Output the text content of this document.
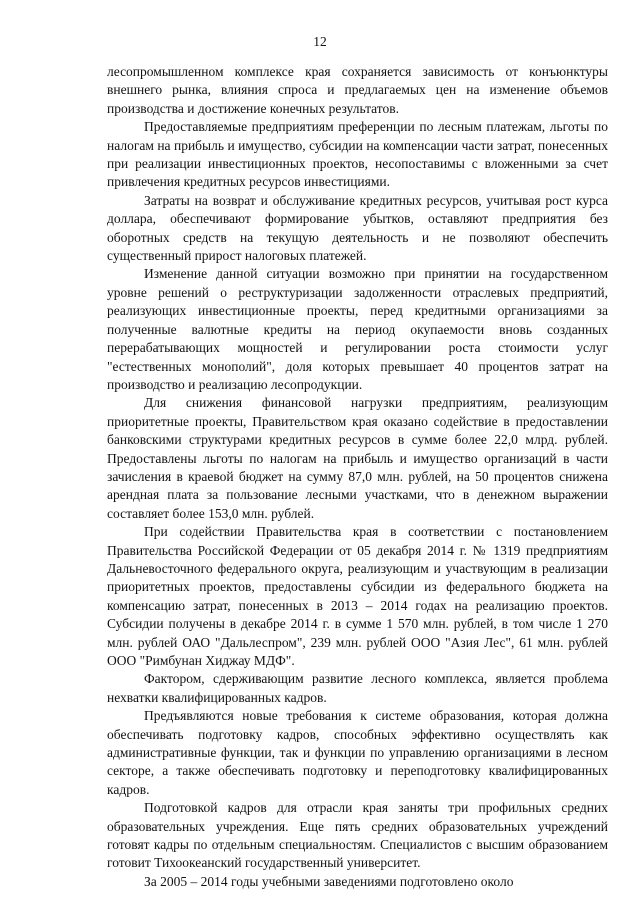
12

лесопромышленном комплексе края сохраняется зависимость от конъюнктуры внешнего рынка, влияния спроса и предлагаемых цен на изменение объемов производства и достижение конечных результатов.

Предоставляемые предприятиям преференции по лесным платежам, льготы по налогам на прибыль и имущество, субсидии на компенсации части затрат, понесенных при реализации инвестиционных проектов, несопоставимы с вложенными за счет привлечения кредитных ресурсов инвестициями.

Затраты на возврат и обслуживание кредитных ресурсов, учитывая рост курса доллара, обеспечивают формирование убытков, оставляют предприятия без оборотных средств на текущую деятельность и не позволяют обеспечить существенный прирост налоговых платежей.

Изменение данной ситуации возможно при принятии на государственном уровне решений о реструктуризации задолженности отраслевых предприятий, реализующих инвестиционные проекты, перед кредитными организациями за полученные валютные кредиты на период окупаемости вновь созданных перерабатывающих мощностей и регулировании роста стоимости услуг "естественных монополий", доля которых превышает 40 процентов затрат на производство и реализацию лесопродукции.

Для снижения финансовой нагрузки предприятиям, реализующим приоритетные проекты, Правительством края оказано содействие в предоставлении банковскими структурами кредитных ресурсов в сумме более 22,0 млрд. рублей. Предоставлены льготы по налогам на прибыль и имущество организаций в части зачисления в краевой бюджет на сумму 87,0 млн. рублей, на 50 процентов снижена арендная плата за пользование лесными участками, что в денежном выражении составляет более 153,0 млн. рублей.

При содействии Правительства края в соответствии с постановлением Правительства Российской Федерации от 05 декабря 2014 г. № 1319 предприятиям Дальневосточного федерального округа, реализующим и участвующим в реализации приоритетных проектов, предоставлены субсидии из федерального бюджета на компенсацию затрат, понесенных в 2013 – 2014 годах на реализацию проектов. Субсидии получены в декабре 2014 г. в сумме 1 570 млн. рублей, в том числе 1 270 млн. рублей ОАО "Дальлеспром", 239 млн. рублей ООО "Азия Лес", 61 млн. рублей ООО "Римбунан Хиджау МДФ".

Фактором, сдерживающим развитие лесного комплекса, является проблема нехватки квалифицированных кадров.

Предъявляются новые требования к системе образования, которая должна обеспечивать подготовку кадров, способных эффективно осуществлять как административные функции, так и функции по управлению организациями в лесном секторе, а также обеспечивать подготовку и переподготовку квалифицированных кадров.

Подготовкой кадров для отрасли края заняты три профильных средних образовательных учреждения. Еще пять средних образовательных учреждений готовят кадры по отдельным специальностям. Специалистов с высшим образованием готовит Тихоокеанский государственный университет.

За 2005 – 2014 годы учебными заведениями подготовлено около
